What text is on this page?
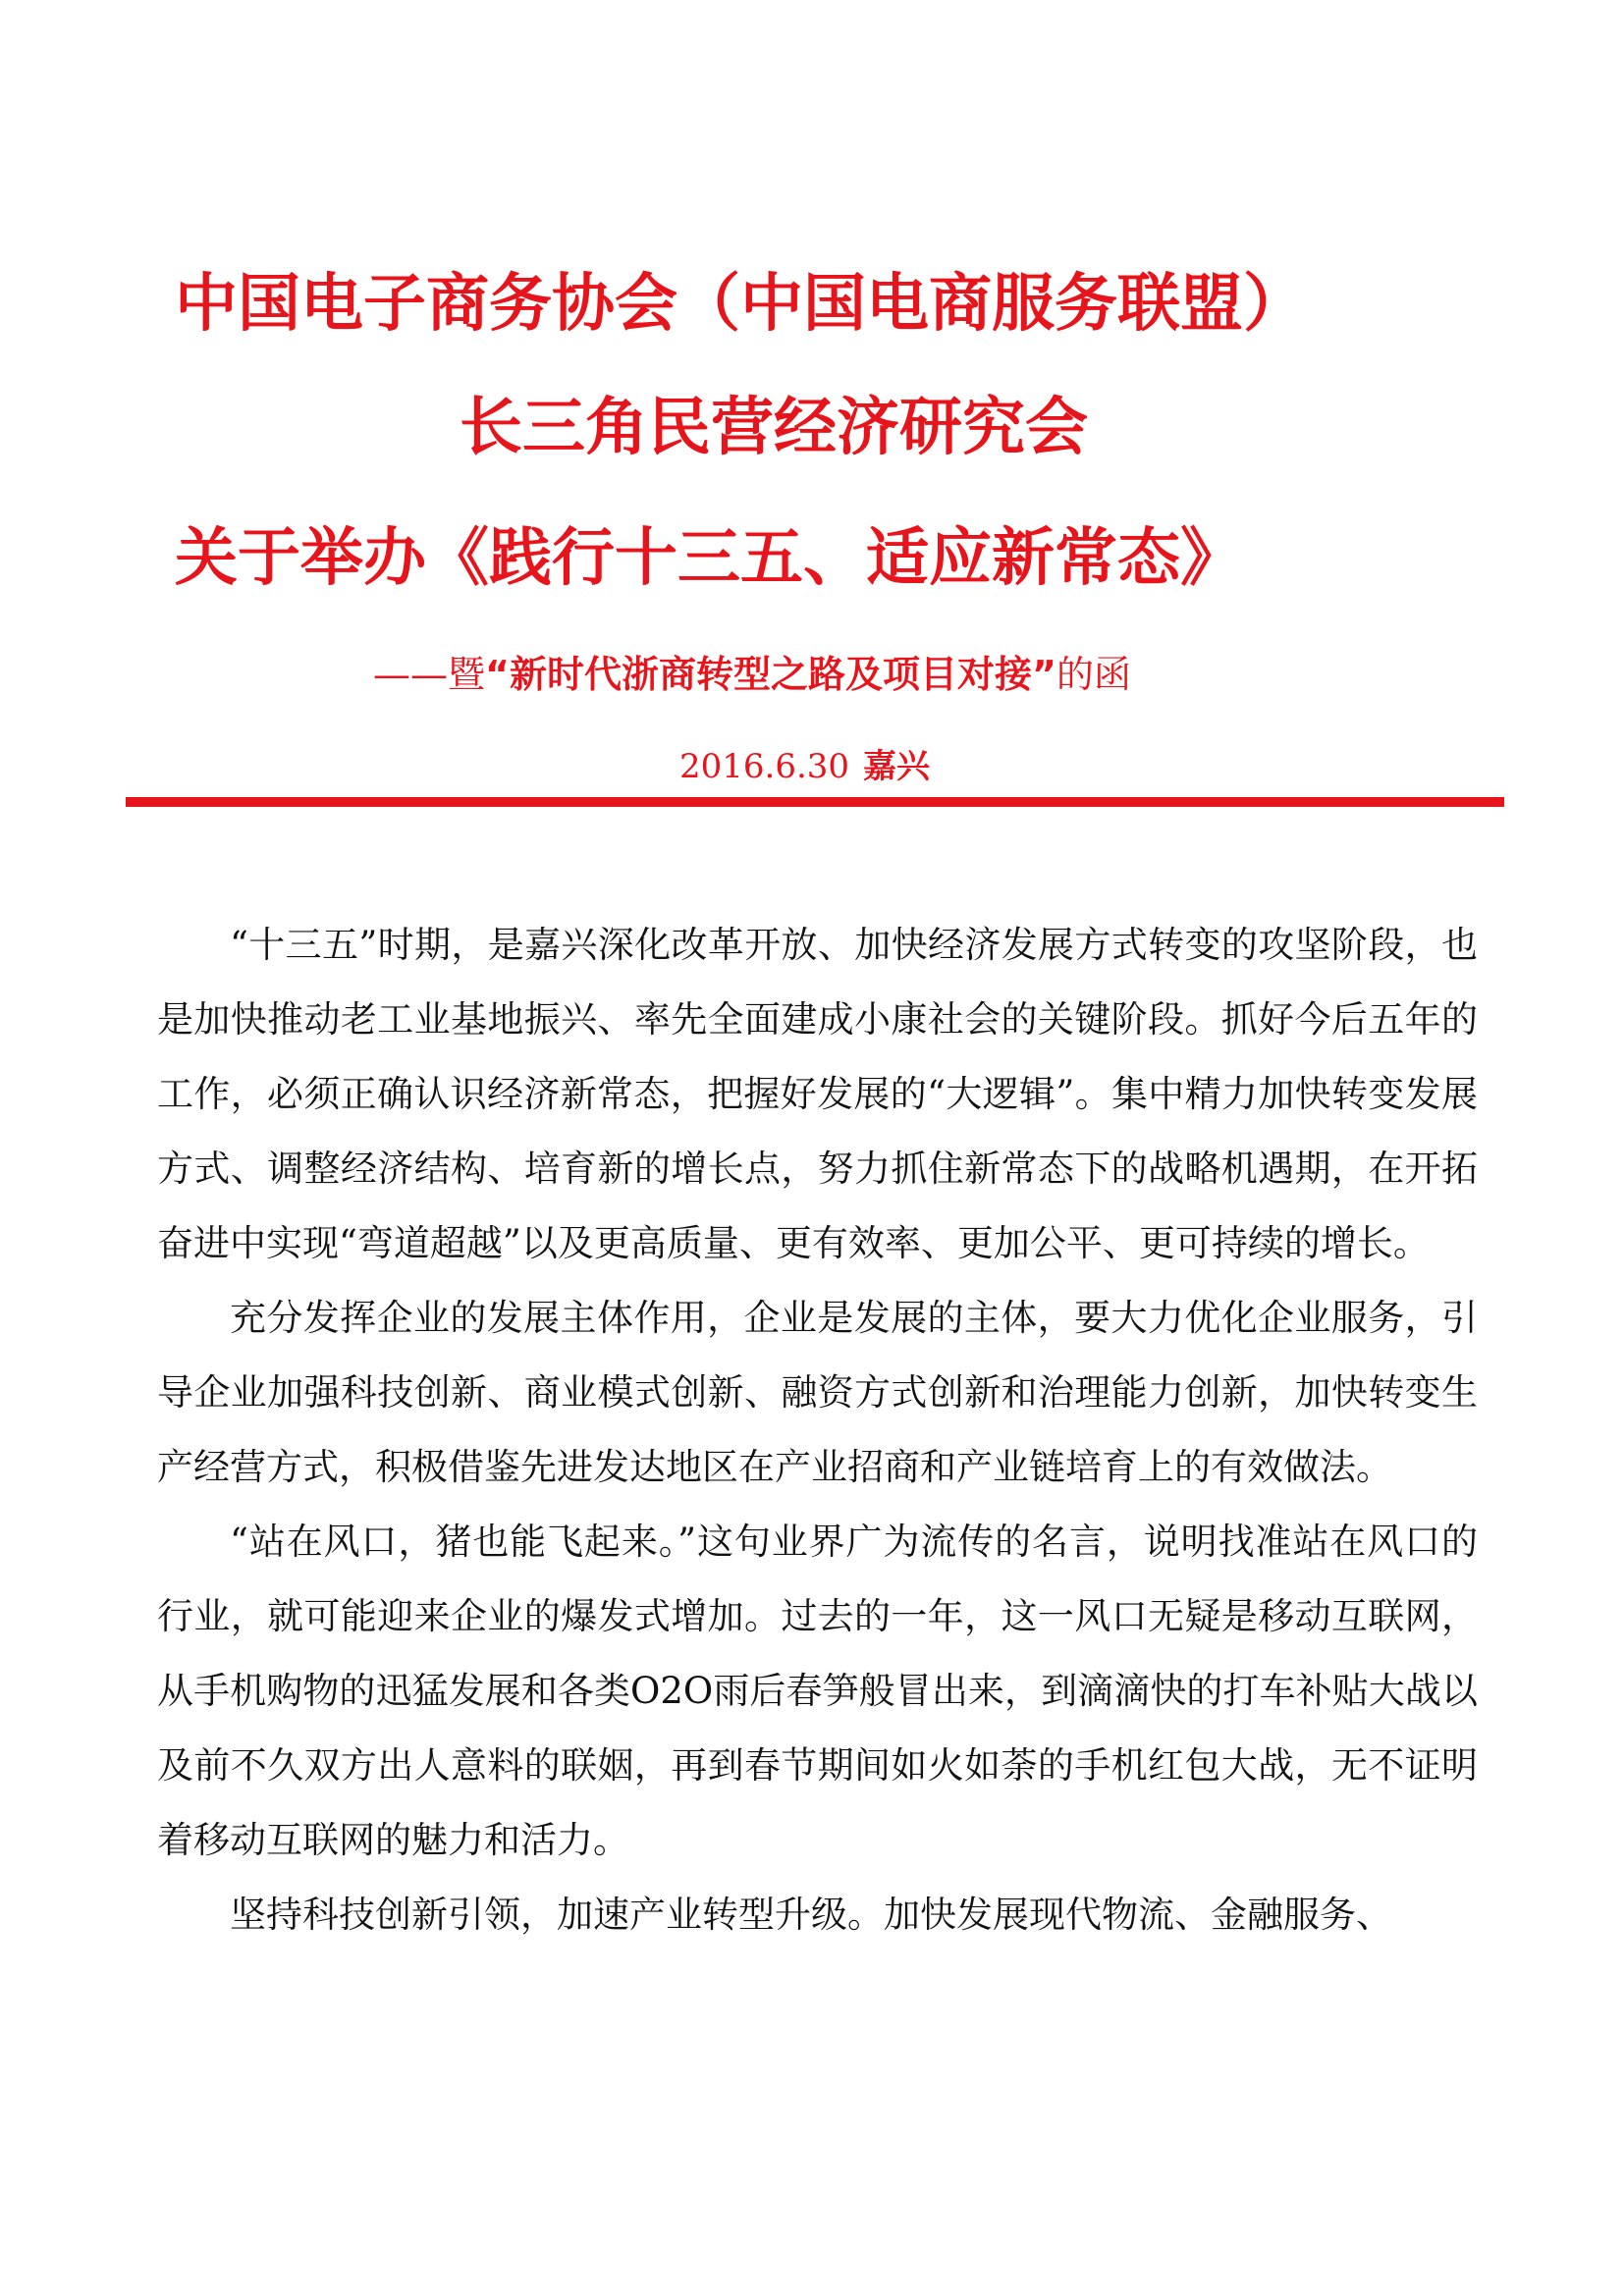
中国电子商务协会（中国电商服务联盟）
长三角民营经济研究会
关于举办《践行十三五、适应新常态》
——暨“新时代浙商转型之路及项目对接”的函
2016.6.30 嘉兴

“十三五”时期，是嘉兴深化改革开放、加快经济发展方式转变的攻坚阶段，也是加快推动老工业基地振兴、率先全面建成小康社会的关键阶段。抓好今后五年的工作，必须正确认识经济新常态，把握好发展的“大逻辑”。集中精力加快转变发展方式、调整经济结构、培育新的增长点，努力抓住新常态下的战略机遇期，在开拓奋进中实现“弯道超越”以及更高质量、更有效率、更加公平、更可持续的增长。

充分发挥企业的发展主体作用，企业是发展的主体，要大力优化企业服务，引导企业加强科技创新、商业模式创新、融资方式创新和治理能力创新，加快转变生产经营方式，积极借鉴先进发达地区在产业招商和产业链培育上的有效做法。

“站在风口，猪也能飞起来。”这句业界广为流传的名言，说明找准站在风口的行业，就可能迎来企业的爆发式增加。过去的一年，这一风口无疑是移动互联网，从手机购物的迅猛发展和各类O2O雨后春笋般冒出来，到滴滴快的打车补贴大战以及前不久双方出人意料的联姻，再到春节期间如火如荼的手机红包大战，无不证明着移动互联网的魅力和活力。

坚持科技创新引领，加速产业转型升级。加快发展现代物流、金融服务、
